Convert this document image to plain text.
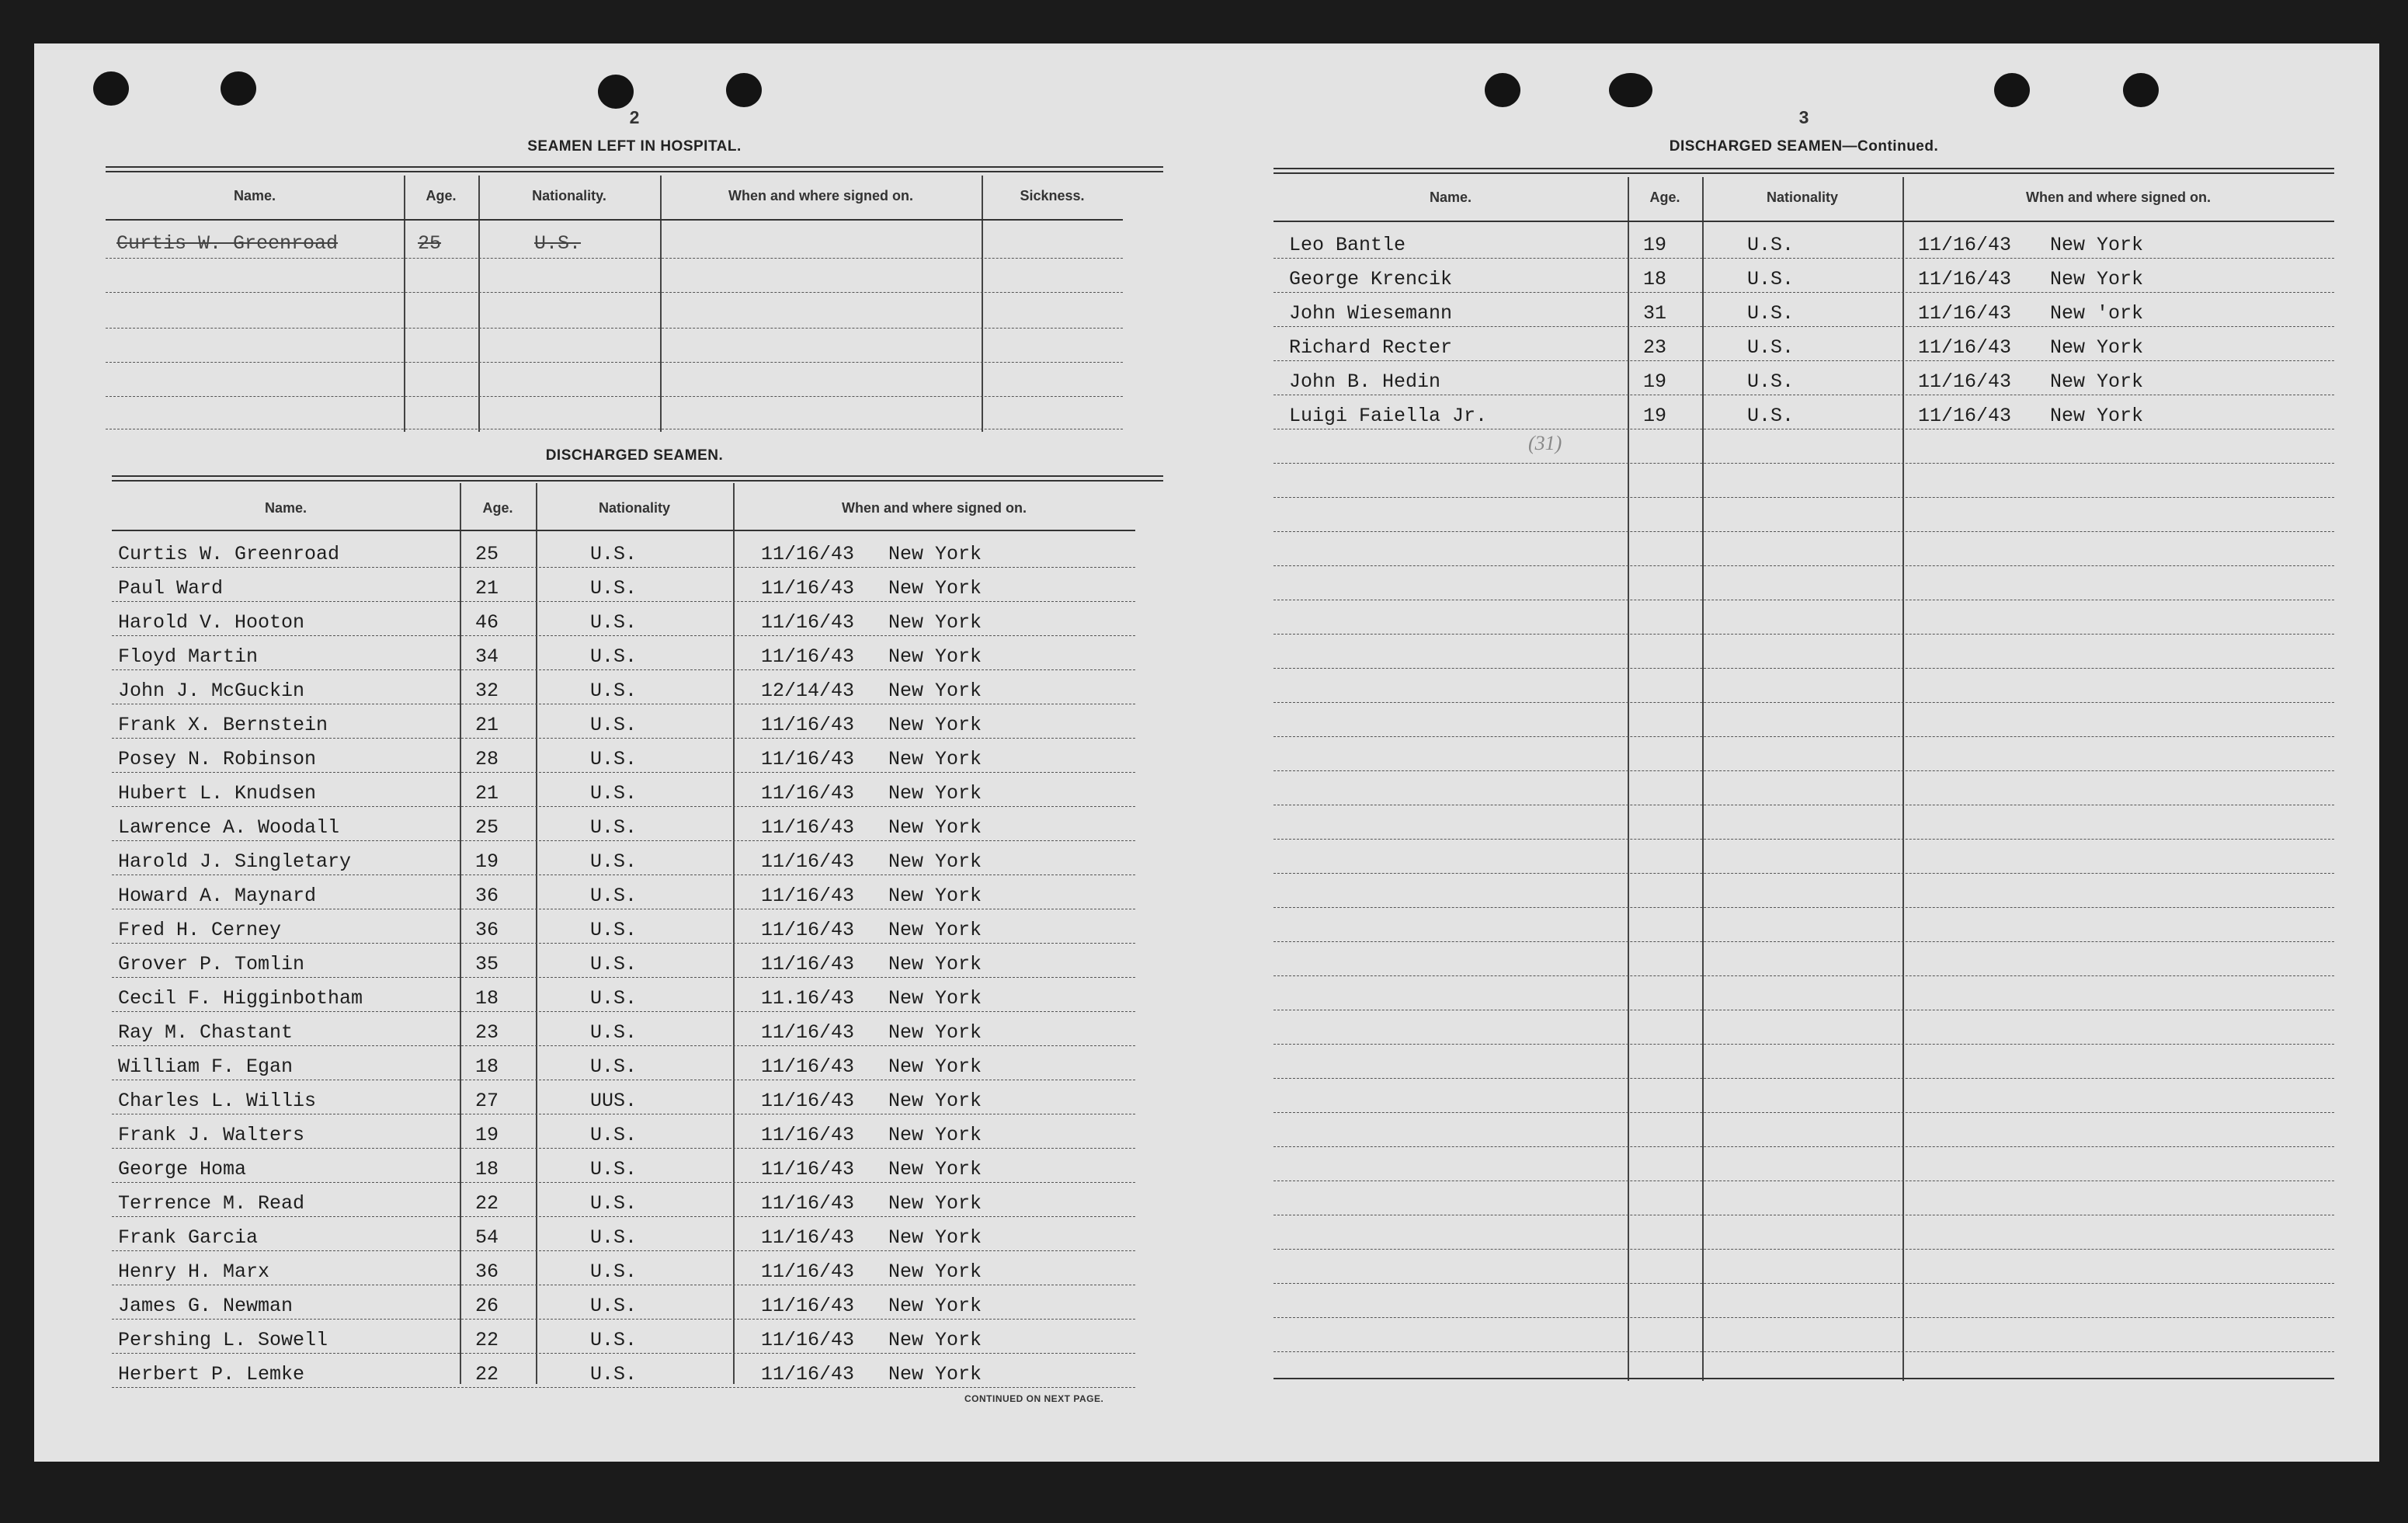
2
SEAMEN LEFT IN HOSPITAL.
Name.	Age.	Nationality.	When and where signed on.	Sickness.
Curtis W. Greenroad	25	U.S.
DISCHARGED SEAMEN.
Name.	Age.	Nationality	When and where signed on.
Curtis W. Greenroad	25	U.S.	11/16/43 New York
Paul Ward	21	U.S.	11/16/43 New York
Harold V. Hooton	46	U.S.	11/16/43 New York
Floyd Martin	34	U.S.	11/16/43 New York
John J. McGuckin	32	U.S.	12/14/43 New York
Frank X. Bernstein	21	U.S.	11/16/43 New York
Posey N. Robinson	28	U.S.	11/16/43 New York
Hubert L. Knudsen	21	U.S.	11/16/43 New York
Lawrence A. Woodall	25	U.S.	11/16/43 New York
Harold J. Singletary	19	U.S.	11/16/43 New York
Howard A. Maynard	36	U.S.	11/16/43 New York
Fred H. Cerney	36	U.S.	11/16/43 New York
Grover P. Tomlin	35	U.S.	11/16/43 New York
Cecil F. Higginbotham	18	U.S.	11.16/43 New York
Ray M. Chastant	23	U.S.	11/16/43 New York
William F. Egan	18	U.S.	11/16/43 New York
Charles L. Willis	27	UUS.	11/16/43 New York
Frank J. Walters	19	U.S.	11/16/43 New York
George Homa	18	U.S.	11/16/43 New York
Terrence M. Read	22	U.S.	11/16/43 New York
Frank Garcia	54	U.S.	11/16/43 New York
Henry H. Marx	36	U.S.	11/16/43 New York
James G. Newman	26	U.S.	11/16/43 New York
Pershing L. Sowell	22	U.S.	11/16/43 New York
Herbert P. Lemke	22	U.S.	11/16/43 New York
CONTINUED ON NEXT PAGE.
3
DISCHARGED SEAMEN—Continued.
Name.	Age.	Nationality	When and where signed on.
Leo Bantle	19	U.S.	11/16/43 New York
George Krencik	18	U.S.	11/16/43 New York
John Wiesemann	31	U.S.	11/16/43 New 'ork
Richard Recter	23	U.S.	11/16/43 New York
John B. Hedin	19	U.S.	11/16/43 New York
Luigi Faiella Jr.	19	U.S.	11/16/43 New York
(31)
